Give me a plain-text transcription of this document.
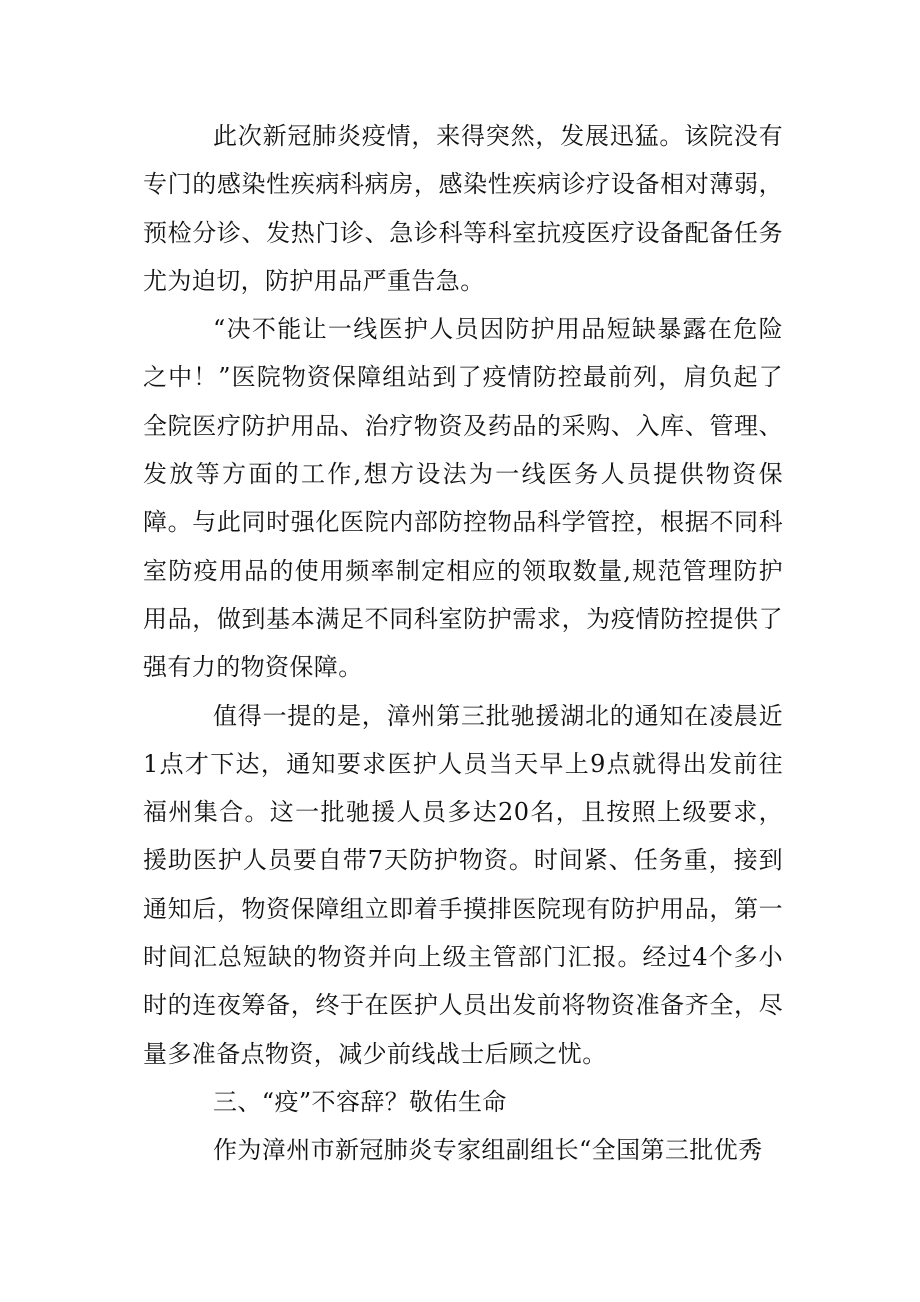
此次新冠肺炎疫情，来得突然，发展迅猛。该院没有专门的感染性疾病科病房，感染性疾病诊疗设备相对薄弱，预检分诊、发热门诊、急诊科等科室抗疫医疗设备配备任务尤为迫切，防护用品严重告急。

“决不能让一线医护人员因防护用品短缺暴露在危险之中！”医院物资保障组站到了疫情防控最前列，肩负起了全院医疗防护用品、治疗物资及药品的采购、入库、管理、发放等方面的工作,想方设法为一线医务人员提供物资保障。与此同时强化医院内部防控物品科学管控，根据不同科室防疫用品的使用频率制定相应的领取数量,规范管理防护用品，做到基本满足不同科室防护需求，为疫情防控提供了强有力的物资保障。

值得一提的是，漳州第三批驰援湖北的通知在凌晨近1点才下达，通知要求医护人员当天早上9点就得出发前往福州集合。这一批驰援人员多达20名，且按照上级要求，援助医护人员要自带7天防护物资。时间紧、任务重，接到通知后，物资保障组立即着手摸排医院现有防护用品，第一时间汇总短缺的物资并向上级主管部门汇报。经过4个多小时的连夜筹备，终于在医护人员出发前将物资准备齐全，尽量多准备点物资，减少前线战士后顾之忧。

三、“疫”不容辞？敬佑生命

作为漳州市新冠肺炎专家组副组长“全国第三批优秀
